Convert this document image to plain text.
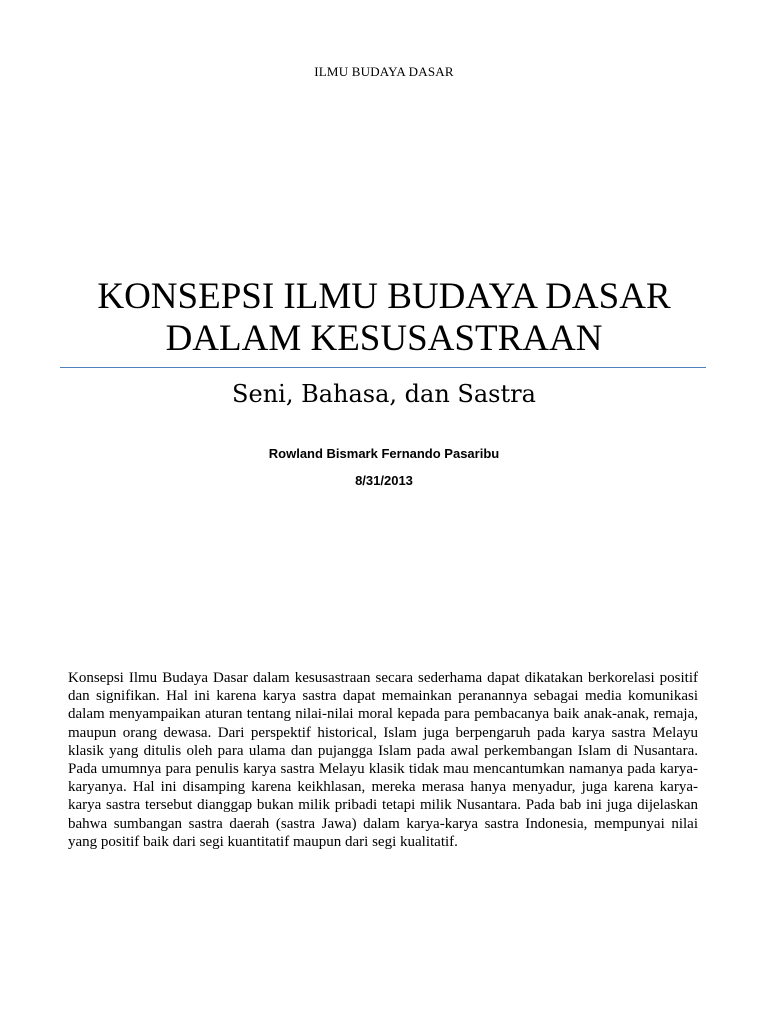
ILMU BUDAYA DASAR
KONSEPSI ILMU BUDAYA DASAR
DALAM KESUSASTRAAN
Seni, Bahasa, dan Sastra
Rowland Bismark Fernando Pasaribu
8/31/2013

Konsepsi Ilmu Budaya Dasar dalam kesusastraan secara sederhama dapat dikatakan berkorelasi positif dan signifikan. Hal ini karena karya sastra dapat memainkan peranannya sebagai media komunikasi dalam menyampaikan aturan tentang nilai-nilai moral kepada para pembacanya baik anak-anak, remaja, maupun orang dewasa. Dari perspektif historical, Islam juga berpengaruh pada karya sastra Melayu klasik yang ditulis oleh para ulama dan pujangga Islam pada awal perkembangan Islam di Nusantara. Pada umumnya para penulis karya sastra Melayu klasik tidak mau mencantumkan namanya pada karya-karyanya. Hal ini disamping karena keikhlasan, mereka merasa hanya menyadur, juga karena karya-karya sastra tersebut dianggap bukan milik pribadi tetapi milik Nusantara. Pada bab ini juga dijelaskan bahwa sumbangan sastra daerah (sastra Jawa) dalam karya-karya sastra Indonesia, mempunyai nilai yang positif baik dari segi kuantitatif maupun dari segi kualitatif.
